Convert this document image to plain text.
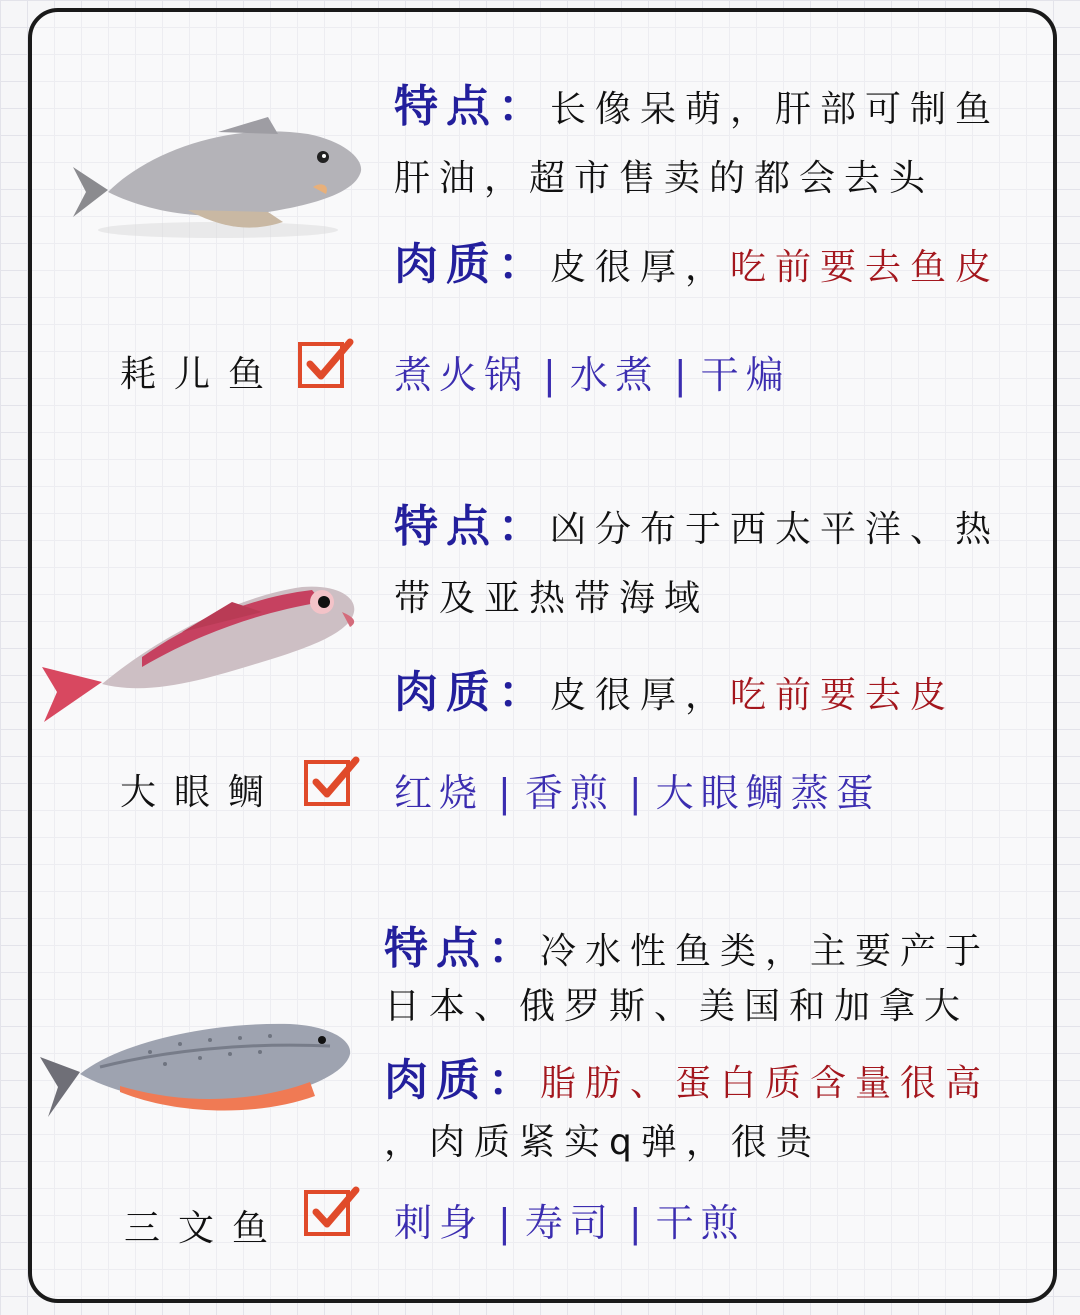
特点：长像呆萌，肝部可制鱼
肝油，超市售卖的都会去头
肉质：皮很厚，吃前要去鱼皮
耗儿鱼	煮火锅 | 水煮 | 干煸
特点：凶分布于西太平洋、热
带及亚热带海域
肉质：皮很厚，吃前要去皮
大眼鲷	红烧 | 香煎 | 大眼鲷蒸蛋
特点：冷水性鱼类，主要产于
日本、俄罗斯、美国和加拿大
肉质：脂肪、蛋白质含量很高
，肉质紧实q弹，很贵
三文鱼	刺身 | 寿司 | 干煎
